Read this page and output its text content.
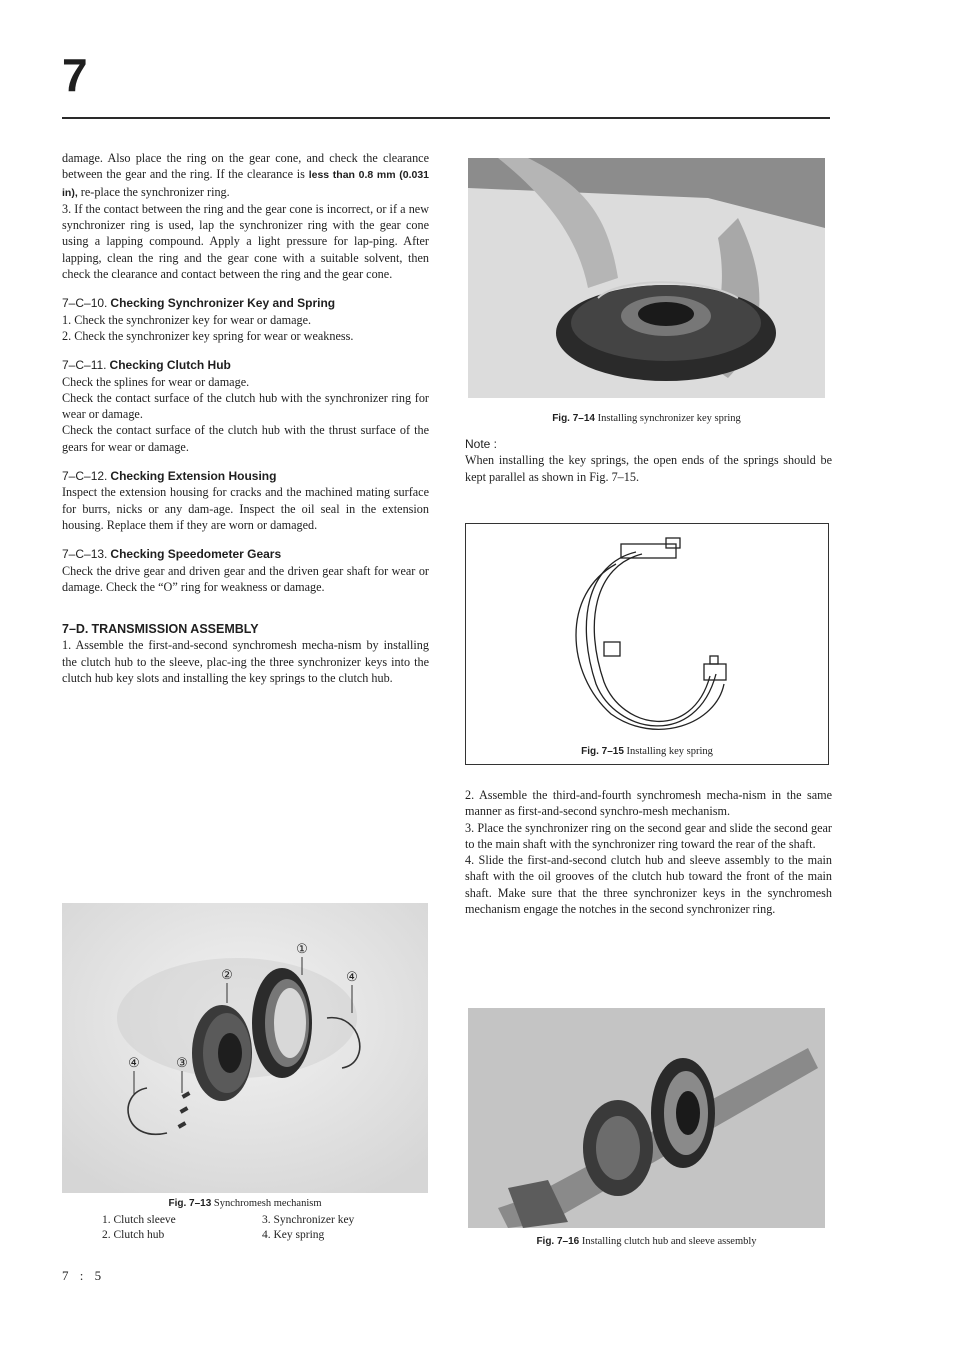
7

damage. Also place the ring on the gear cone, and check the clearance between the gear and the ring. If the clearance is less than 0.8 mm (0.031 in), re-place the synchronizer ring.

3. If the contact between the ring and the gear cone is incorrect, or if a new synchronizer ring is used, lap the synchronizer ring with the gear cone using a lapping compound. Apply a light pressure for lap-ping. After lapping, clean the ring and the gear cone with a suitable solvent, then check the clearance and contact between the ring and the gear cone.

7–C–10. Checking Synchronizer Key and Spring

1. Check the synchronizer key for wear or damage.

2. Check the synchronizer key spring for wear or weakness.

7–C–11. Checking Clutch Hub

Check the splines for wear or damage.

Check the contact surface of the clutch hub with the synchronizer ring for wear or damage.

Check the contact surface of the clutch hub with the thrust surface of the gears for wear or damage.

7–C–12. Checking Extension Housing

Inspect the extension housing for cracks and the machined mating surface for burrs, nicks or any dam-age. Inspect the oil seal in the extension housing. Replace them if they are worn or damaged.

7–C–13. Checking Speedometer Gears

Check the drive gear and driven gear and the driven gear shaft for wear or damage. Check the “O” ring for weakness or damage.

7–D. TRANSMISSION ASSEMBLY

1. Assemble the first-and-second synchromesh mecha-nism by installing the clutch hub to the sleeve, plac-ing the three synchronizer keys into the clutch hub key slots and installing the key springs to the clutch hub.

①
②
③
④
④
Fig. 7–13 Synchromesh mechanism
1. Clutch sleeve
2. Clutch hub
3. Synchronizer key
4. Key spring
Fig. 7–14 Installing synchronizer key spring

Note :

When installing the key springs, the open ends of the springs should be kept parallel as shown in Fig. 7–15.

Fig. 7–15 Installing key spring

2. Assemble the third-and-fourth synchromesh mecha-nism in the same manner as first-and-second synchro-mesh mechanism.

3. Place the synchronizer ring on the second gear and slide the second gear to the main shaft with the synchronizer ring toward the rear of the shaft.

4. Slide the first-and-second clutch hub and sleeve assembly to the main shaft with the oil grooves of the clutch hub toward the front of the main shaft. Make sure that the three synchronizer keys in the synchromesh mechanism engage the notches in the second synchronizer ring.

Fig. 7–16 Installing clutch hub and sleeve assembly
7 : 5
